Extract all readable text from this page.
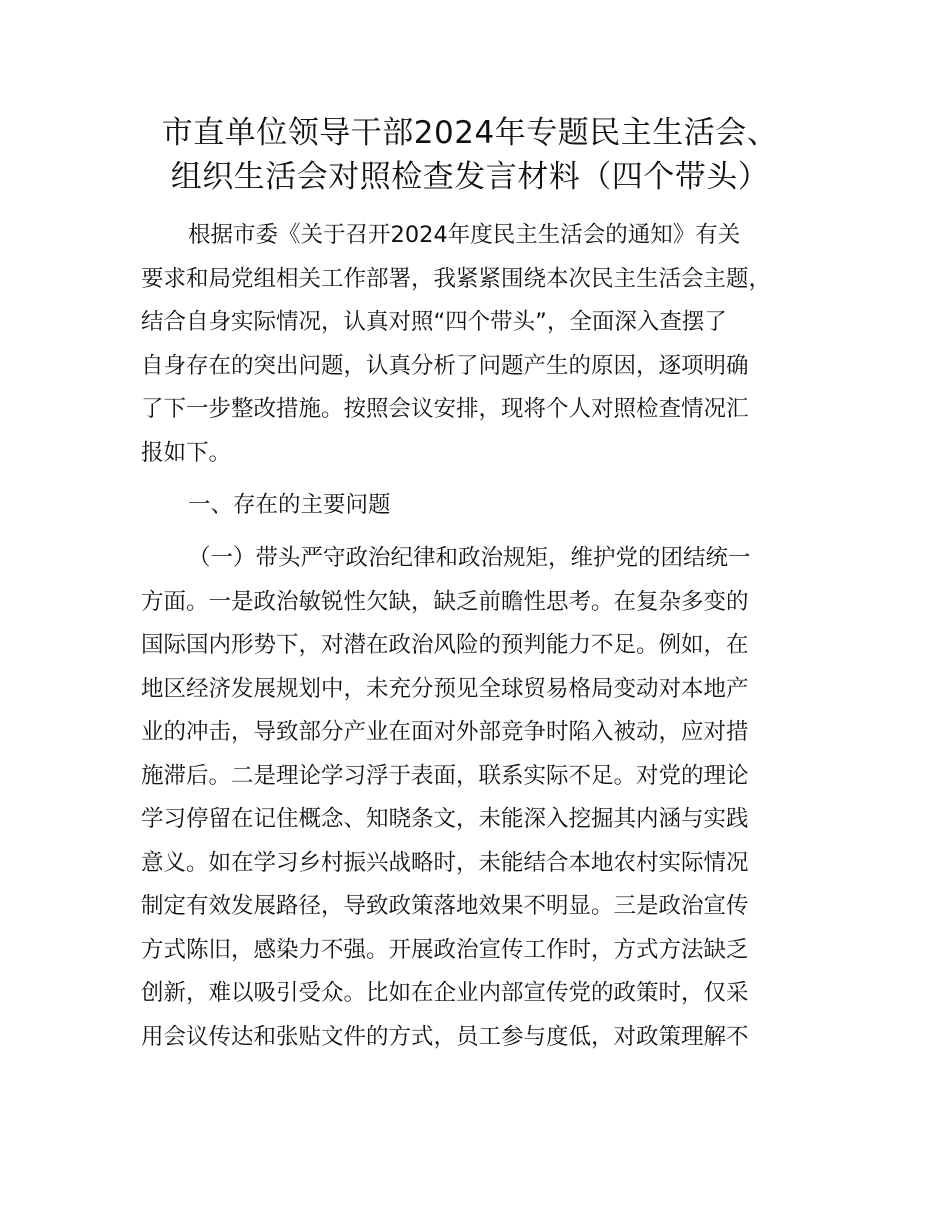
市直单位领导干部2024年专题民主生活会、
组织生活会对照检查发言材料（四个带头）
根据市委《关于召开2024年度民主生活会的通知》有关
要求和局党组相关工作部署，我紧紧围绕本次民主生活会主题，
结合自身实际情况，认真对照“四个带头”，全面深入查摆了
自身存在的突出问题，认真分析了问题产生的原因，逐项明确
了下一步整改措施。按照会议安排，现将个人对照检查情况汇
报如下。
一、存在的主要问题
（一）带头严守政治纪律和政治规矩，维护党的团结统一
方面。一是政治敏锐性欠缺，缺乏前瞻性思考。在复杂多变的
国际国内形势下，对潜在政治风险的预判能力不足。例如，在
地区经济发展规划中，未充分预见全球贸易格局变动对本地产
业的冲击，导致部分产业在面对外部竞争时陷入被动，应对措
施滞后。二是理论学习浮于表面，联系实际不足。对党的理论
学习停留在记住概念、知晓条文，未能深入挖掘其内涵与实践
意义。如在学习乡村振兴战略时，未能结合本地农村实际情况
制定有效发展路径，导致政策落地效果不明显。三是政治宣传
方式陈旧，感染力不强。开展政治宣传工作时，方式方法缺乏
创新，难以吸引受众。比如在企业内部宣传党的政策时，仅采
用会议传达和张贴文件的方式，员工参与度低，对政策理解不
